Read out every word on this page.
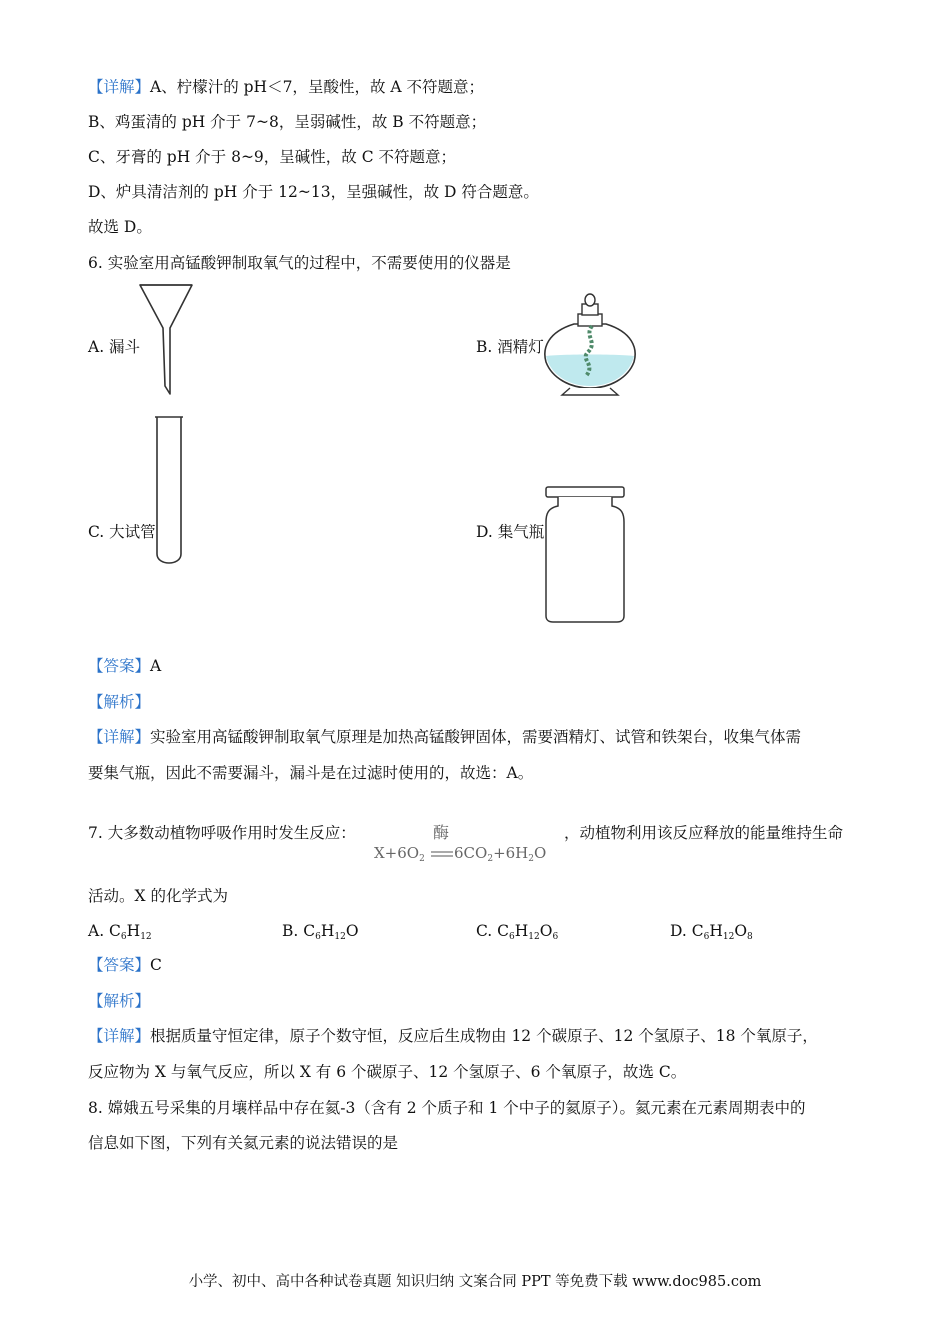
【详解】A、柠檬汁的 pH＜7，呈酸性，故 A 不符题意；
B、鸡蛋清的 pH 介于 7~8，呈弱碱性，故 B 不符题意；
C、牙膏的 pH 介于 8~9，呈碱性，故 C 不符题意；
D、炉具清洁剂的 pH 介于 12~13，呈强碱性，故 D 符合题意。
故选 D。
6. 实验室用高锰酸钾制取氧气的过程中，不需要使用的仪器是
A. 漏斗	B. 酒精灯
C. 大试管	D. 集气瓶
【答案】A
【解析】
【详解】实验室用高锰酸钾制取氧气原理是加热高锰酸钾固体，需要酒精灯、试管和铁架台，收集气体需
要集气瓶，因此不需要漏斗，漏斗是在过滤时使用的，故选：A。
7. 大多数动植物呼吸作用时发生反应：	酶
$X+6O_2$ $6CO_2+6H_2O$
，动植物利用该反应释放的能量维持生命
活动。X 的化学式为
A. $C_6H_{12}$	B. $C_6H_{12}O$	C. $C_6H_{12}O_6$	D. $C_6H_{12}O_8$
【答案】C
【解析】
【详解】根据质量守恒定律，原子个数守恒，反应后生成物由 12 个碳原子、12 个氢原子、18 个氧原子，
反应物为 X 与氧气反应，所以 X 有 6 个碳原子、12 个氢原子、6 个氧原子，故选 C。
8. 嫦娥五号采集的月壤样品中存在氦-3（含有 2 个质子和 1 个中子的氦原子）。氦元素在元素周期表中的
信息如下图，下列有关氦元素的说法错误的是
小学、初中、高中各种试卷真题 知识归纳 文案合同 PPT 等免费下载 www.doc985.com
